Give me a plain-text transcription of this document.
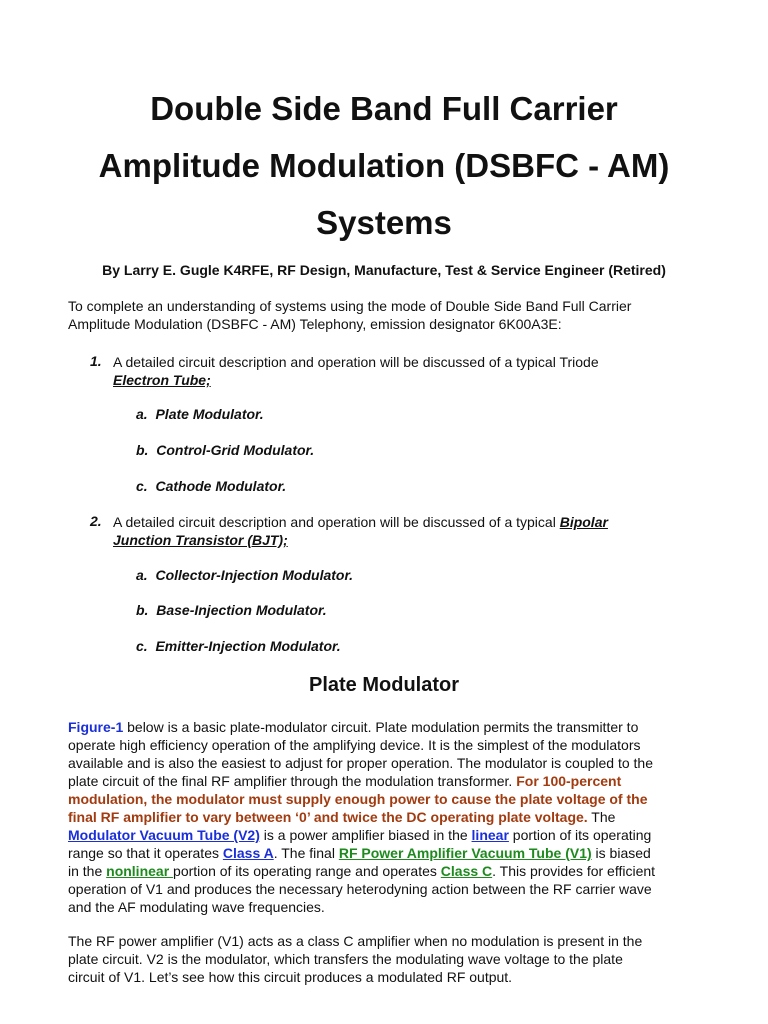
Double Side Band Full Carrier
Amplitude Modulation (DSBFC - AM)
Systems
By Larry E. Gugle K4RFE, RF Design, Manufacture, Test & Service Engineer (Retired)
To complete an understanding of systems using the mode of Double Side Band Full Carrier
Amplitude Modulation (DSBFC - AM) Telephony, emission designator 6K00A3E:
1. A detailed circuit description and operation will be discussed of a typical Triode
Electron Tube;
a. Plate Modulator.
b. Control-Grid Modulator.
c. Cathode Modulator.
2. A detailed circuit description and operation will be discussed of a typical Bipolar
Junction Transistor (BJT);
a. Collector-Injection Modulator.
b. Base-Injection Modulator.
c. Emitter-Injection Modulator.
Plate Modulator
Figure-1 below is a basic plate-modulator circuit. Plate modulation permits the transmitter to
operate high efficiency operation of the amplifying device. It is the simplest of the modulators
available and is also the easiest to adjust for proper operation. The modulator is coupled to the
plate circuit of the final RF amplifier through the modulation transformer. For 100-percent
modulation, the modulator must supply enough power to cause the plate voltage of the
final RF amplifier to vary between ‘0’ and twice the DC operating plate voltage. The
Modulator Vacuum Tube (V2) is a power amplifier biased in the linear portion of its operating
range so that it operates Class A. The final RF Power Amplifier Vacuum Tube (V1) is biased
in the nonlinear portion of its operating range and operates Class C. This provides for efficient
operation of V1 and produces the necessary heterodyning action between the RF carrier wave
and the AF modulating wave frequencies.
The RF power amplifier (V1) acts as a class C amplifier when no modulation is present in the
plate circuit. V2 is the modulator, which transfers the modulating wave voltage to the plate
circuit of V1. Let’s see how this circuit produces a modulated RF output.
